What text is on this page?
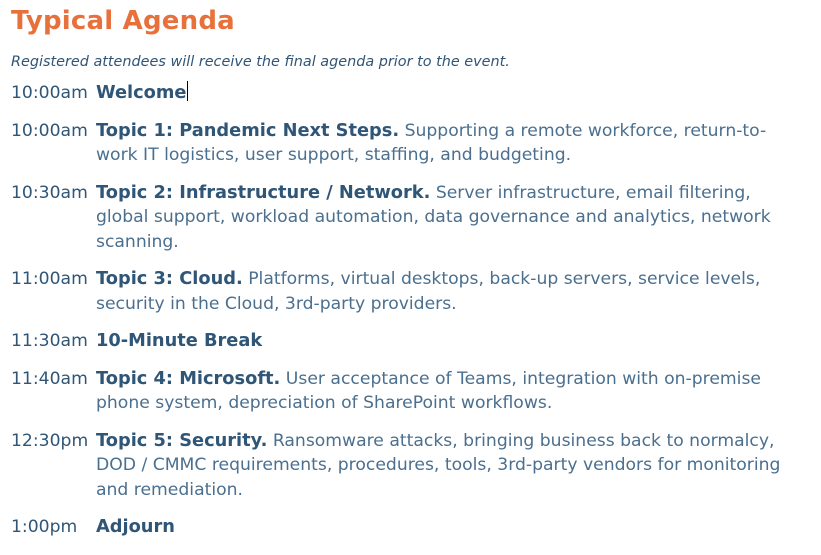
Typical Agenda

Registered attendees will receive the final agenda prior to the event.

10:00am Welcome
10:00am Topic 1: Pandemic Next Steps. Supporting a remote workforce, return-to-work IT logistics, user support, staffing, and budgeting.
10:30am Topic 2: Infrastructure / Network. Server infrastructure, email filtering, global support, workload automation, data governance and analytics, network scanning.
11:00am Topic 3: Cloud. Platforms, virtual desktops, back-up servers, service levels, security in the Cloud, 3rd-party providers.
11:30am 10-Minute Break
11:40am Topic 4: Microsoft. User acceptance of Teams, integration with on-premise phone system, depreciation of SharePoint workflows.
12:30pm Topic 5: Security. Ransomware attacks, bringing business back to normalcy, DOD / CMMC requirements, procedures, tools, 3rd-party vendors for monitoring and remediation.
1:00pm	Adjourn
